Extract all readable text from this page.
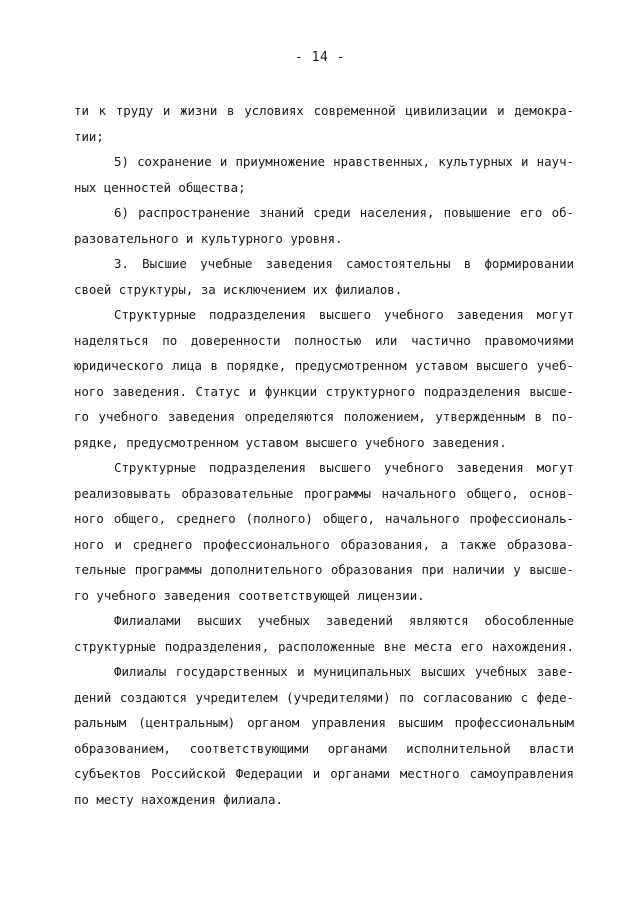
- 14 -
ти к труду и жизни в условиях современной цивилизации и демокра-
тии;
5) сохранение и приумножение нравственных, культурных и науч-
ных ценностей общества;
6) распространение знаний среди населения, повышение его об-
разовательного и культурного уровня.
3. Высшие учебные заведения самостоятельны в формировании
своей структуры, за исключением их филиалов.
Структурные подразделения высшего учебного заведения могут
наделяться по доверенности полностью или частично правомочиями
юридического лица в порядке, предусмотренном уставом высшего учеб-
ного заведения. Статус и функции структурного подразделения высше-
го учебного заведения определяются положением, утвержденным в по-
рядке, предусмотренном уставом высшего учебного заведения.
Структурные подразделения высшего учебного заведения могут
реализовывать образовательные программы начального общего, основ-
ного общего, среднего (полного) общего, начального профессиональ-
ного и среднего профессионального образования, а также образова-
тельные программы дополнительного образования при наличии у высше-
го учебного заведения соответствующей лицензии.
Филиалами высших учебных заведений являются обособленные
структурные подразделения, расположенные вне места его нахождения.
Филиалы государственных и муниципальных высших учебных заве-
дений создаются учредителем (учредителями) по согласованию с феде-
ральным (центральным) органом управления высшим профессиональным
образованием, соответствующими органами исполнительной власти
субъектов Российской Федерации и органами местного самоуправления
по месту нахождения филиала.
